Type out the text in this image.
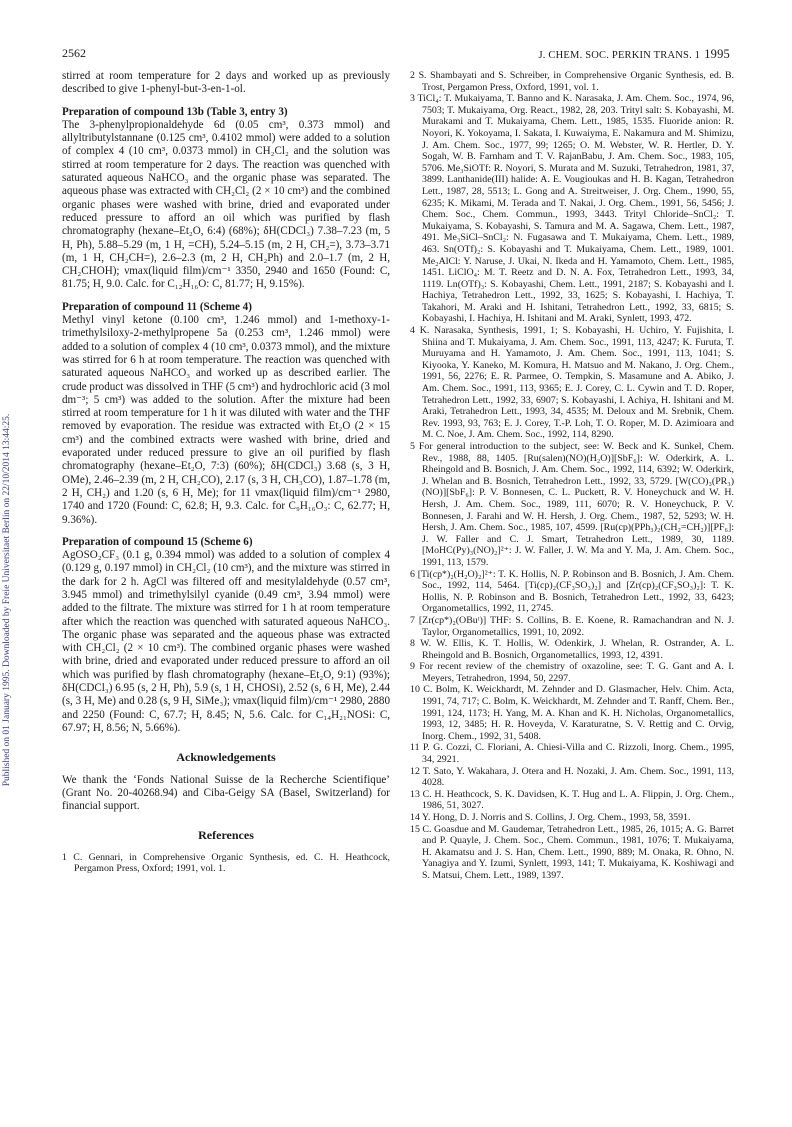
2562	J. CHEM. SOC. PERKIN TRANS. 1 1995
Published on 01 January 1995. Downloaded by Freie Universitaet Berlin on 22/10/2014 13:44:25.

stirred at room temperature for 2 days and worked up as previously described to give 1-phenyl-but-3-en-1-ol.

Preparation of compound 13b (Table 3, entry 3)

The 3-phenylpropionaldehyde 6d (0.05 cm³, 0.373 mmol) and allyltributylstannane (0.125 cm³, 0.4102 mmol) were added to a solution of complex 4 (10 cm³, 0.0373 mmol) in CH₂Cl₂ and the solution was stirred at room temperature for 2 days. The reaction was quenched with saturated aqueous NaHCO₃ and the organic phase was separated. The aqueous phase was extracted with CH₂Cl₂ (2 × 10 cm³) and the combined organic phases were washed with brine, dried and evaporated under reduced pressure to afford an oil which was purified by flash chromatography (hexane–Et₂O, 6:4) (68%); δH(CDCl₃) 7.38–7.23 (m, 5 H, Ph), 5.88–5.29 (m, 1 H, =CH), 5.24–5.15 (m, 2 H, CH₂=), 3.73–3.71 (m, 1 H, CH₂CH=), 2.6–2.3 (m, 2 H, CH₂Ph) and 2.0–1.7 (m, 2 H, CH₂CHOH); νmax(liquid film)/cm⁻¹ 3350, 2940 and 1650 (Found: C, 81.75; H, 9.0. Calc. for C₁₂H₁₆O: C, 81.77; H, 9.15%).

Preparation of compound 11 (Scheme 4)

Methyl vinyl ketone (0.100 cm³, 1.246 mmol) and 1-methoxy-1-trimethylsiloxy-2-methylpropene 5a (0.253 cm³, 1.246 mmol) were added to a solution of complex 4 (10 cm³, 0.0373 mmol), and the mixture was stirred for 6 h at room temperature. The reaction was quenched with saturated aqueous NaHCO₃ and worked up as described earlier. The crude product was dissolved in THF (5 cm³) and hydrochloric acid (3 mol dm⁻³; 5 cm³) was added to the solution. After the mixture had been stirred at room temperature for 1 h it was diluted with water and the THF removed by evaporation. The residue was extracted with Et₂O (2 × 15 cm³) and the combined extracts were washed with brine, dried and evaporated under reduced pressure to give an oil purified by flash chromatography (hexane–Et₂O, 7:3) (60%); δH(CDCl₃) 3.68 (s, 3 H, OMe), 2.46–2.39 (m, 2 H, CH₂CO), 2.17 (s, 3 H, CH₃CO), 1.87–1.78 (m, 2 H, CH₂) and 1.20 (s, 6 H, Me); for 11 νmax(liquid film)/cm⁻¹ 2980, 1740 and 1720 (Found: C, 62.8; H, 9.3. Calc. for C₉H₁₆O₃: C, 62.77; H, 9.36%).

Preparation of compound 15 (Scheme 6)

AgOSO₂CF₃ (0.1 g, 0.394 mmol) was added to a solution of complex 4 (0.129 g, 0.197 mmol) in CH₂Cl₂ (10 cm³), and the mixture was stirred in the dark for 2 h. AgCl was filtered off and mesitylaldehyde (0.57 cm³, 3.945 mmol) and trimethylsilyl cyanide (0.49 cm³, 3.94 mmol) were added to the filtrate. The mixture was stirred for 1 h at room temperature after which the reaction was quenched with saturated aqueous NaHCO₃. The organic phase was separated and the aqueous phase was extracted with CH₂Cl₂ (2 × 10 cm³). The combined organic phases were washed with brine, dried and evaporated under reduced pressure to afford an oil which was purified by flash chromatography (hexane–Et₂O, 9:1) (93%); δH(CDCl₃) 6.95 (s, 2 H, Ph), 5.9 (s, 1 H, CHOSi), 2.52 (s, 6 H, Me), 2.44 (s, 3 H, Me) and 0.28 (s, 9 H, SiMe₃); νmax(liquid film)/cm⁻¹ 2980, 2880 and 2250 (Found: C, 67.7; H, 8.45; N, 5.6. Calc. for C₁₄H₂₁NOSi: C, 67.97; H, 8.56; N, 5.66%).

Acknowledgements

We thank the ‘Fonds National Suisse de la Recherche Scientifique’ (Grant No. 20-40268.94) and Ciba-Geigy SA (Basel, Switzerland) for financial support.

References

1 C. Gennari, in Comprehensive Organic Synthesis, ed. C. H. Heathcock, Pergamon Press, Oxford; 1991, vol. 1.

2 S. Shambayati and S. Schreiber, in Comprehensive Organic Synthesis, ed. B. Trost, Pergamon Press, Oxford, 1991, vol. 1.

3 TiCl₄: T. Mukaiyama, T. Banno and K. Narasaka, J. Am. Chem. Soc., 1974, 96, 7503; T. Mukaiyama, Org. React., 1982, 28, 203. Trityl salt: S. Kobayashi, M. Murakami and T. Mukaiyama, Chem. Lett., 1985, 1535. Fluoride anion: R. Noyori, K. Yokoyama, I. Sakata, I. Kuwaiyma, E. Nakamura and M. Shimizu, J. Am. Chem. Soc., 1977, 99; 1265; O. M. Webster, W. R. Hertler, D. Y. Sogah, W. B. Farnham and T. V. RajanBabu, J. Am. Chem. Soc., 1983, 105, 5706. Me₃SiOTf: R. Noyori, S. Murata and M. Suzuki, Tetrahedron, 1981, 37, 3899. Lanthanide(III) halide: A. E. Vougioukas and H. B. Kagan, Tetrahedron Lett., 1987, 28, 5513; L. Gong and A. Streitweiser, J. Org. Chem., 1990, 55, 6235; K. Mikami, M. Terada and T. Nakai, J. Org. Chem., 1991, 56, 5456; J. Chem. Soc., Chem. Commun., 1993, 3443. Trityl Chloride–SnCl₂: T. Mukaiyama, S. Kobayashi, S. Tamura and M. A. Sagawa, Chem. Lett., 1987, 491. Me₃SiCl–SnCl₂: N. Fugasawa and T. Mukaiyama, Chem. Lett., 1989, 463. Sn(OTf)₂: S. Kobayashi and T. Mukaiyama, Chem. Lett., 1989, 1001. Me₂AlCl: Y. Naruse, J. Ukai, N. Ikeda and H. Yamamoto, Chem. Lett., 1985, 1451. LiClO₄: M. T. Reetz and D. N. A. Fox, Tetrahedron Lett., 1993, 34, 1119. Ln(OTf)₃: S. Kobayashi, Chem. Lett., 1991, 2187; S. Kobayashi and I. Hachiya, Tetrahedron Lett., 1992, 33, 1625; S. Kobayashi, I. Hachiya, T. Takahori, M. Araki and H. Ishitani, Tetrahedron Lett., 1992, 33, 6815; S. Kobayashi, I. Hachiya, H. Ishitani and M. Araki, Synlett, 1993, 472.

4 K. Narasaka, Synthesis, 1991, 1; S. Kobayashi, H. Uchiro, Y. Fujishita, I. Shiina and T. Mukaiyama, J. Am. Chem. Soc., 1991, 113, 4247; K. Furuta, T. Muruyama and H. Yamamoto, J. Am. Chem. Soc., 1991, 113, 1041; S. Kiyooka, Y. Kaneko, M. Komura, H. Matsuo and M. Nakano, J. Org. Chem., 1991, 56, 2276; E. R. Parmee, O. Tempkin, S. Masamune and A. Abiko, J. Am. Chem. Soc., 1991, 113, 9365; E. J. Corey, C. L. Cywin and T. D. Roper, Tetrahedron Lett., 1992, 33, 6907; S. Kobayashi, I. Achiya, H. Ishitani and M. Araki, Tetrahedron Lett., 1993, 34, 4535; M. Deloux and M. Srebnik, Chem. Rev. 1993, 93, 763; E. J. Corey, T.-P. Loh, T. O. Roper, M. D. Azimioara and M. C. Noe, J. Am. Chem. Soc., 1992, 114, 8290.

5 For general introduction to the subject, see: W. Beck and K. Sunkel, Chem. Rev., 1988, 88, 1405. [Ru(salen)(NO)(H₂O)][SbF₆]: W. Oderkirk, A. L. Rheingold and B. Bosnich, J. Am. Chem. Soc., 1992, 114, 6392; W. Oderkirk, J. Whelan and B. Bosnich, Tetrahedron Lett., 1992, 33, 5729. [W(CO)₃(PR₃)(NO)][SbF₆]: P. V. Bonnesen, C. L. Puckett, R. V. Honeychuck and W. H. Hersh, J. Am. Chem. Soc., 1989, 111, 6070; R. V. Honeychuck, P. V. Bonnesen, J. Farahi and W. H. Hersh, J. Org. Chem., 1987, 52, 5293; W. H. Hersh, J. Am. Chem. Soc., 1985, 107, 4599. [Ru(cp)(PPh₃)₂(CH₂=CH₂)][PF₆]: J. W. Faller and C. J. Smart, Tetrahedron Lett., 1989, 30, 1189. [MoHC(Py)₃(NO)₂]²⁺: J. W. Faller, J. W. Ma and Y. Ma, J. Am. Chem. Soc., 1991, 113, 1579.

6 [Ti(cp*)₂(H₂O)₂]²⁺: T. K. Hollis, N. P. Robinson and B. Bosnich, J. Am. Chem. Soc., 1992, 114, 5464. [Ti(cp)₂(CF₃SO₃)₂] and [Zr(cp)₂(CF₃SO₃)₂]: T. K. Hollis, N. P. Robinson and B. Bosnich, Tetrahedron Lett., 1992, 33, 6423; Organometallics, 1992, 11, 2745.

7 [Zr(cp*)₂(OBuᵗ)] THF: S. Collins, B. E. Koene, R. Ramachandran and N. J. Taylor, Organometallics, 1991, 10, 2092.

8 W. W. Ellis, K. T. Hollis, W. Odenkirk, J. Whelan, R. Ostrander, A. L. Rheingold and B. Bosnich, Organometallics, 1993, 12, 4391.

9 For recent review of the chemistry of oxazoline, see: T. G. Gant and A. I. Meyers, Tetrahedron, 1994, 50, 2297.

10 C. Bolm, K. Weickhardt, M. Zehnder and D. Glasmacher, Helv. Chim. Acta, 1991, 74, 717; C. Bolm, K. Weickhardt, M. Zehnder and T. Ranff, Chem. Ber., 1991, 124, 1173; H. Yang, M. A. Khan and K. H. Nicholas, Organometallics, 1993, 12, 3485; H. R. Hoveyda, V. Karaturatne, S. V. Rettig and C. Orvig, Inorg. Chem., 1992, 31, 5408.

11 P. G. Cozzi, C. Floriani, A. Chiesi-Villa and C. Rizzoli, Inorg. Chem., 1995, 34, 2921.

12 T. Sato, Y. Wakahara, J. Otera and H. Nozaki, J. Am. Chem. Soc., 1991, 113, 4028.

13 C. H. Heathcock, S. K. Davidsen, K. T. Hug and L. A. Flippin, J. Org. Chem., 1986, 51, 3027.

14 Y. Hong, D. J. Norris and S. Collins, J. Org. Chem., 1993, 58, 3591.

15 C. Goasdue and M. Gaudemar, Tetrahedron Lett., 1985, 26, 1015; A. G. Barret and P. Quayle, J. Chem. Soc., Chem. Commun., 1981, 1076; T. Mukaiyama, H. Akamatsu and J. S. Han, Chem. Lett., 1990, 889; M. Onaka, R. Ohno, N. Yanagiya and Y. Izumi, Synlett, 1993, 141; T. Mukaiyama, K. Koshiwagi and S. Matsui, Chem. Lett., 1989, 1397.
